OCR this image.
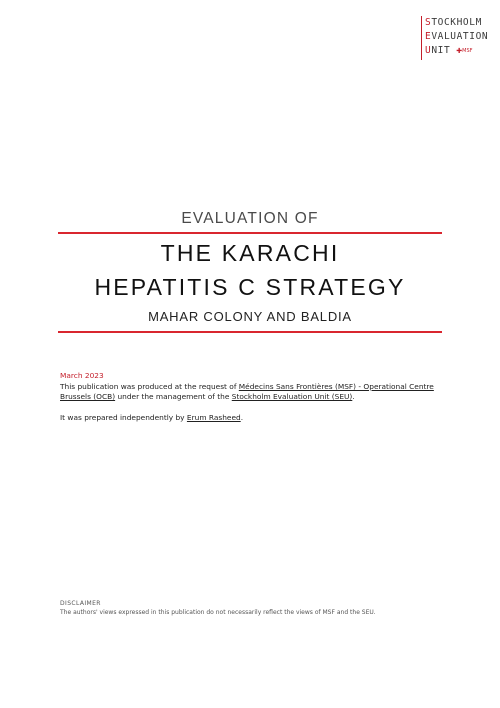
S TOCKHOLM
E VALUATION
U NIT ✚MSF
EVALUATION OF
THE KARACHI
HEPATITIS C STRATEGY
MAHAR COLONY AND BALDIA

March 2023

This publication was produced at the request of Médecins Sans Frontières (MSF) - Operational Centre Brussels (OCB) under the management of the Stockholm Evaluation Unit (SEU).

It was prepared independently by Erum Rasheed.

DISCLAIMER
The authors' views expressed in this publication do not necessarily reflect the views of MSF and the SEU.
